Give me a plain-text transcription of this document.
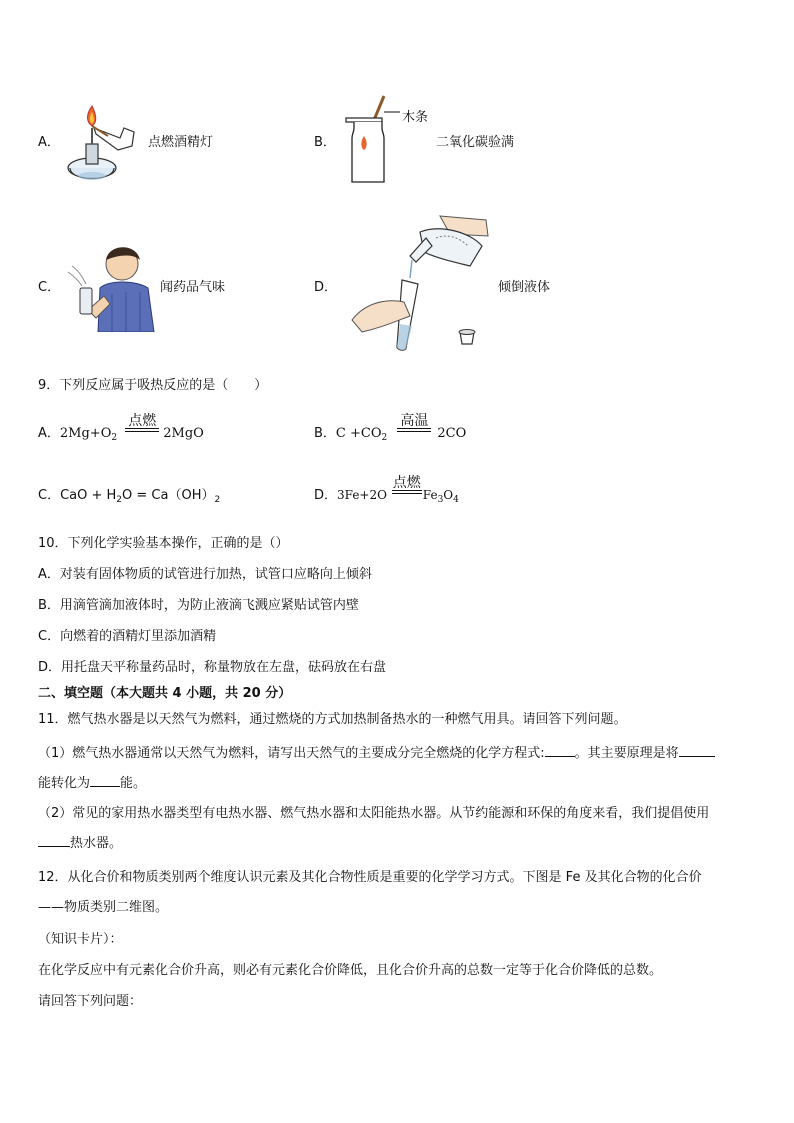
A．	点燃酒精灯	B．
木条
二氧化碳验满
C．	闻药品气味	D．	倾倒液体
9．下列反应属于吸热反应的是（　　）
A．$2Mg+O_2$
点燃
2MgO	B．$C +CO_2$
高温
2CO
C．CaO + $H_2O = Ca(OH)_2$	D．3Fe+2O
点燃
$Fe_3O_4$
10．下列化学实验基本操作，正确的是（）
A．对装有固体物质的试管进行加热，试管口应略向上倾斜
B．用滴管滴加液体时，为防止液滴飞溅应紧贴试管内壁
C．向燃着的酒精灯里添加酒精
D．用托盘天平称量药品时，称量物放在左盘，砝码放在右盘
二、填空题（本大题共 4 小题，共 20 分）
11．燃气热水器是以天然气为燃料，通过燃烧的方式加热制备热水的一种燃气用具。请回答下列问题。
（1）燃气热水器通常以天然气为燃料，请写出天然气的主要成分完全燃烧的化学方程式: 。其主要原理是将
能转化为 能。
（2）常见的家用热水器类型有电热水器、燃气热水器和太阳能热水器。从节约能源和环保的角度来看，我们提倡使用
热水器。
12．从化合价和物质类别两个维度认识元素及其化合物性质是重要的化学学习方式。下图是 Fe 及其化合物的化合价
——物质类别二维图。
（知识卡片）：
在化学反应中有元素化合价升高，则必有元素化合价降低，且化合价升高的总数一定等于化合价降低的总数。
请回答下列问题：
